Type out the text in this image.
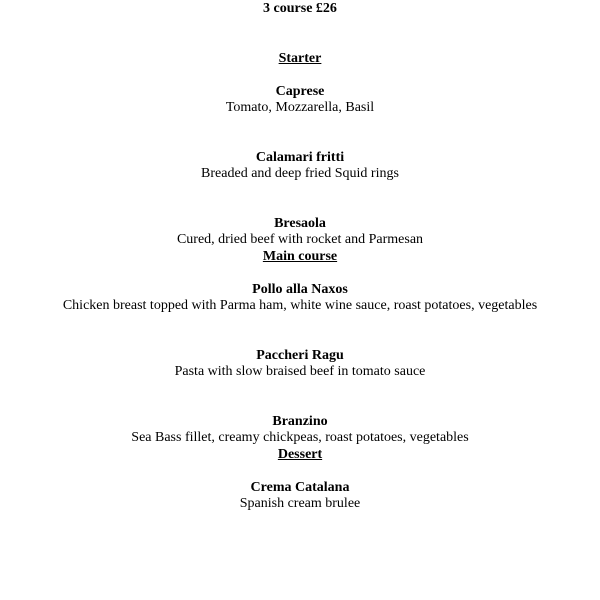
3 course £26
Starter
Caprese
Tomato, Mozzarella, Basil
Calamari fritti
Breaded and deep fried Squid rings
Bresaola
Cured, dried beef with rocket and Parmesan
Main course
Pollo alla Naxos
Chicken breast topped with Parma ham, white wine sauce, roast potatoes, vegetables
Paccheri Ragu
Pasta with slow braised beef in tomato sauce
Branzino
Sea Bass fillet, creamy chickpeas, roast potatoes, vegetables
Dessert
Crema Catalana
Spanish cream brulee
